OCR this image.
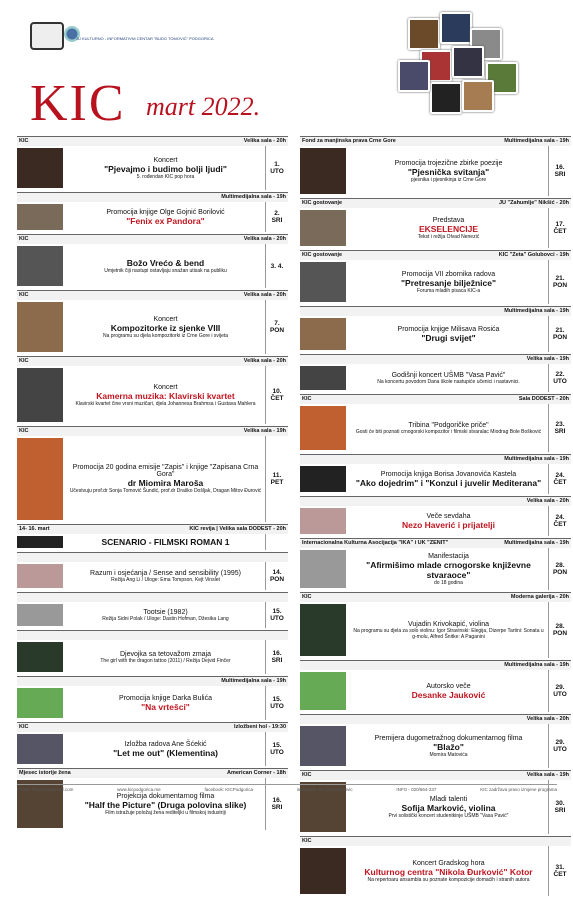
JU KULTURNO - INFORMATIVNI CENTAR "BUDO TOMOVIĆ" PODGORICA
KIC mart 2022.
KIC	Velika sala - 20h
Koncert
"Pjevajmo i budimo bolji ljudi"
5. rođendan KIC pop hora
1.
UTO
Multimedijalna sala - 19h
Promocija knjige Olge Gojnić Borilović
"Fenix ex Pandora"
2.
SRI
KIC	Velika sala - 20h
Božo Vrećo & bend
Umjetnik čiji nastupi ostavljaju snažan utisak na publiku
3. 4.
KIC	Velika sala - 20h
Koncert
Kompozitorke iz sjenke VIII
Na programu su djela kompozitorki iz Crne Gore i svijeta
7.
PON
KIC	Velika sala - 20h
Koncert
Kamerna muzika: Klavirski kvartet
Klavirski kvartet čine vrsni muzičari, djela Johannesa Brahmsa i Gustava Mahlera
10.
ČET
KIC	Velika sala - 19h
Promocija 20 godina emisije "Zapis" i knjige "Zapisana Crna Gora"
dr Miomira Maroša
Učestvuju prof.dr Sonja Tomović Šundić, prof.dr Draško Došljak, Dragan Mitov Đurović
11.
PET
14- 16. mart	KIC revija | Velika sala DODEST - 20h
SCENARIO - FILMSKI ROMAN 1
Razum i osjećanja / Sense and sensibility (1995)
Režija Ang Li / Uloge: Ema Tompson, Kejt Vinslet
14.
PON
Tootsie (1982)
Režija Sidni Polak / Uloge: Dastin Hofman, Džesika Lang
15.
UTO
Djevojka sa tetovažom zmaja
The girl with the dragon tattoo (2011) / Režija Dejvid Finčer
16.
SRI
Multimedijalna sala - 19h
Promocija knjige Darka Bulića
"Na vrtešci"
15.
UTO
KIC	Izložbeni hol - 19:30
Izložba radova Ane Šćekić
"Let me out" (Klementina)
15.
UTO
Mjesec istorije žena	American Corner - 18h
Projekcija dokumentarnog filma
"Half the Picture" (Druga polovina slike)
Film istražuje položaj žena rediteljki u filmskoj industriji
16.
SRI
Fond za manjinska prava Crne Gore	Multimedijalna sala - 19h
Promocija trojezične zbirke poezije
"Pjesnička svitanja"
pjesnika i pjesnikinja iz Crne Gore
16.
SRI
KIC gostovanje	JU "Zahumlje" Nikšić - 20h
Predstava
EKSELENCIJE
Tekst i režija Olvad Nenezić
17.
ČET
KIC gostovanje	KIC "Zeta" Golubovci - 19h
Promocija VII zbornika radova
"Pretresanje bilježnice"
Foruma mladih pisaca KIC-a
21.
PON
Multimedijalna sala - 19h
Promocija knjige Milisava Rosića
"Drugi svijet"
21.
PON
Velika sala - 19h
Godišnji koncert UŠMB "Vasa Pavić"
Na koncertu povodom Dana škole nastupiće učenici i nastavnici.
22.
UTO
KIC	Sala DODEST - 20h
Tribina "Podgoričke priče"
Gosti će biti poznati crnogorski kompozitor i filmski stvaralac Miodrag Bole Bošković
23.
SRI
Multimedijalna sala - 19h
Promocija knjiga Borisa Jovanovića Kastela
"Ako dojedrim" i "Konzul i juvelir Mediterana"
24.
ČET
Velika sala - 20h
Veče sevdaha
Nezo Haverić i prijatelji
24.
ČET
Internacionalna Kulturna Asocijacija "IKA" i UK "ZENIT"	Multimedijalna sala - 19h
Manifestacija
"Afirmišimo mlade crnogorske književne stvaraoce"
do 18 godina
28.
PON
KIC	Moderna galerija - 20h
Vujadin Krivokapić, violina
Na programu su djela za solo violinu: Igor Stravinski: Elegija, Dizerpe Tartini: Sonata u g-molu, Alfred Šnitke: A Paganini
28.
PON
Multimedijalna sala - 19h
Autorsko veče
Desanke Jauković
29.
UTO
Velika sala - 20h
Premijera dugometražnog dokumentarnog filma
"Blažo"
Momira Matovića
29.
UTO
KIC	Velika sala - 19h
Mladi talenti
Sofija Marković, violina
Prvi solistički koncert studentkinje UŠMB "Vasa Pavić"
30.
SRI
KIC
Koncert Gradskog hora
Kulturnog centra "Nikola Đurković" Kotor
Na repertoaru ansambla su poznate kompozicije domaćih i stranih autora
31.
ČET
e-mail: kicpress@gmail.com	www.kicpodgorica.me	facebook: KICPodgorica	instagram: kic_budotomovic	INFO - 020/664-237	KIC zadržava pravo izmjene programa
